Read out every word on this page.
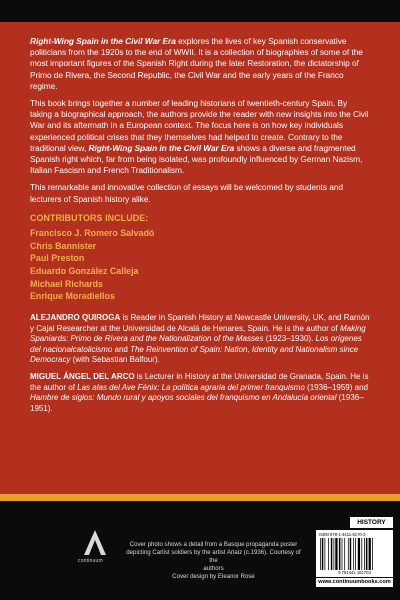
Right-Wing Spain in the Civil War Era explores the lives of key Spanish conservative politicians from the 1920s to the end of WWII. It is a collection of biographies of some of the most important figures of the Spanish Right during the later Restoration, the dictatorship of Primo de Rivera, the Second Republic, the Civil War and the early years of the Franco regime.

This book brings together a number of leading historians of twentieth-century Spain. By taking a biographical approach, the authors provide the reader with new insights into the Civil War and its aftermath in a European context. The focus here is on how key individuals experienced political crises that they themselves had helped to create. Contrary to the traditional view, Right-Wing Spain in the Civil War Era shows a diverse and fragmented Spanish right which, far from being isolated, was profoundly influenced by German Nazism, Italian Fascism and French Traditionalism.

This remarkable and innovative collection of essays will be welcomed by students and lecturers of Spanish history alike.

CONTRIBUTORS INCLUDE:
Francisco J. Romero Salvadó
Chris Bannister
Paul Preston
Eduardo González Calleja
Michael Richards
Enrique Moradiellos

ALEJANDRO QUIROGA is Reader in Spanish History at Newcastle University, UK, and Ramón y Cajal Researcher at the Universidad de Alcalá de Henares, Spain. He is the author of Making Spaniards: Primo de Rivera and the Nationalization of the Masses (1923–1930). Los orígenes del nacionalcatolicismo and The Reinvention of Spain: Nation, Identity and Nationalism since Democracy (with Sebastian Balfour).

MIGUEL ÁNGEL DEL ARCO is Lecturer in History at the Universidad de Granada, Spain. He is the author of Las alas del Ave Fénix: La política agraria del primer franquismo (1936–1959) and Hambre de siglos: Mundo rural y apoyos sociales del franquismo en Andalucía oriental (1936–1951).

continuum
Cover photo shows a detail from a Basque propaganda poster
depicting Carlist soldiers by the artist Arlaiz (c.1936). Courtesy of the
authors
Cover design by Eleanor Rose
HISTORY
ISBN 978-1-4411-8170-3
9 781441 181703
www.continuumbooks.com
